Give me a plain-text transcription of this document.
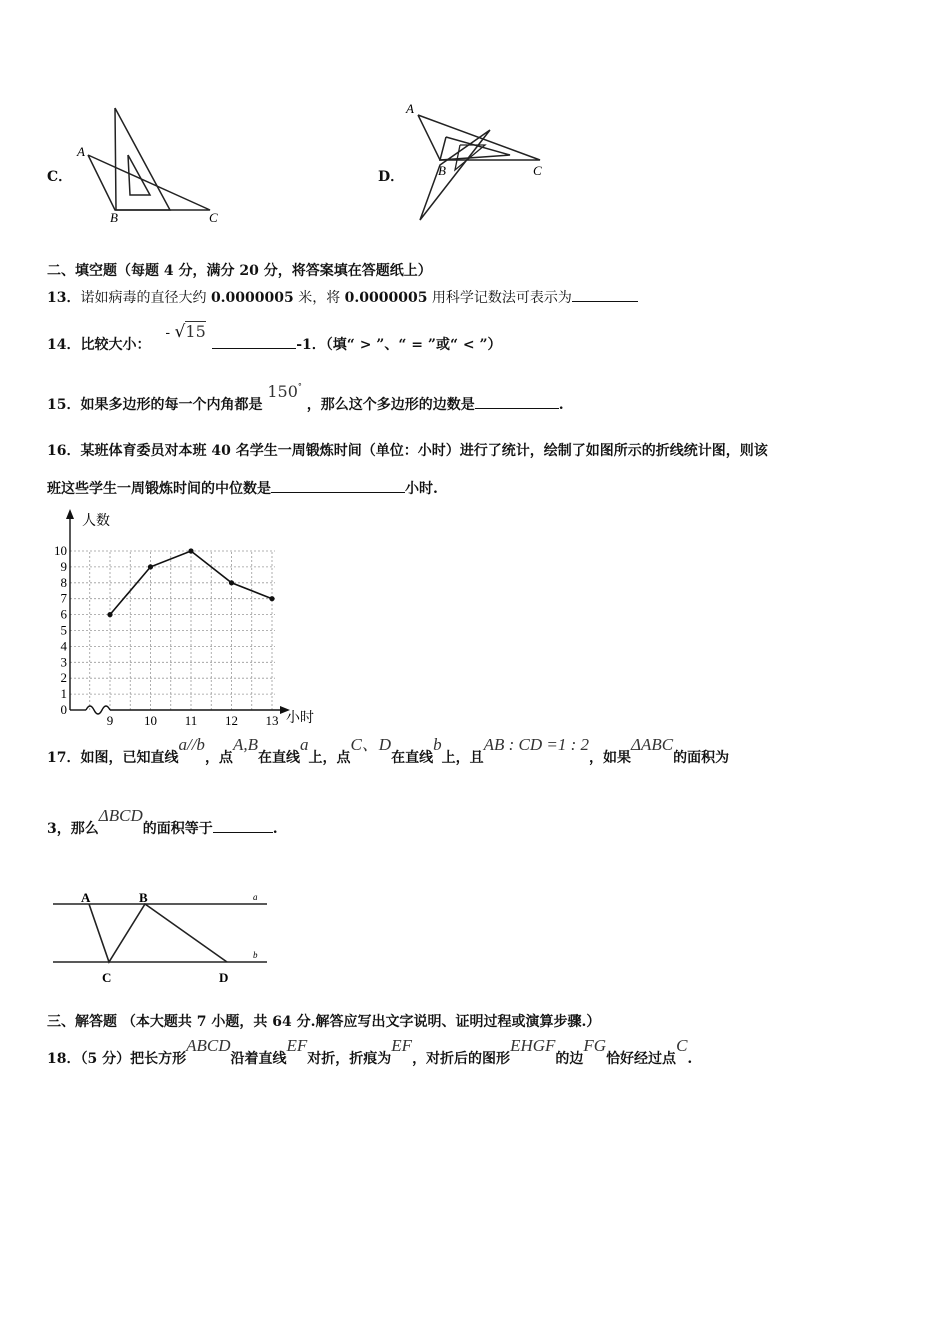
C．
A
B	C
D．
A
B	C
二、填空题（每题 4 分，满分 20 分，将答案填在答题纸上）
13．诺如病毒的直径大约 0.0000005 米，将 0.0000005 用科学记数法可表示为
14．比较大小： - √15 -1．（填“ > ”、“ = ”或“ < ”）
15．如果多边形的每一个内角都是 150° ，那么这个多边形的边数是	.
16．某班体育委员对本班 40 名学生一周锻炼时间（单位：小时）进行了统计，绘制了如图所示的折线统计图，则该
班这些学生一周锻炼时间的中位数是	小时.
0
1
2
3
4
5
6
7
8
9
10
9 10 11 12 13
人数
小时
17．如图，已知直线a//b，点A,B在直线a上，点C、D在直线b上，且AB : CD =1 : 2，如果ΔABC的面积为
3，那么ΔBCD的面积等于	.
A	B
C	D
a
b
三、解答题 （本大题共 7 小题，共 64 分.解答应写出文字说明、证明过程或演算步骤.）
18．（5 分）把长方形ABCD沿着直线EF对折，折痕为EF，对折后的图形EHGF的边FG恰好经过点C.
